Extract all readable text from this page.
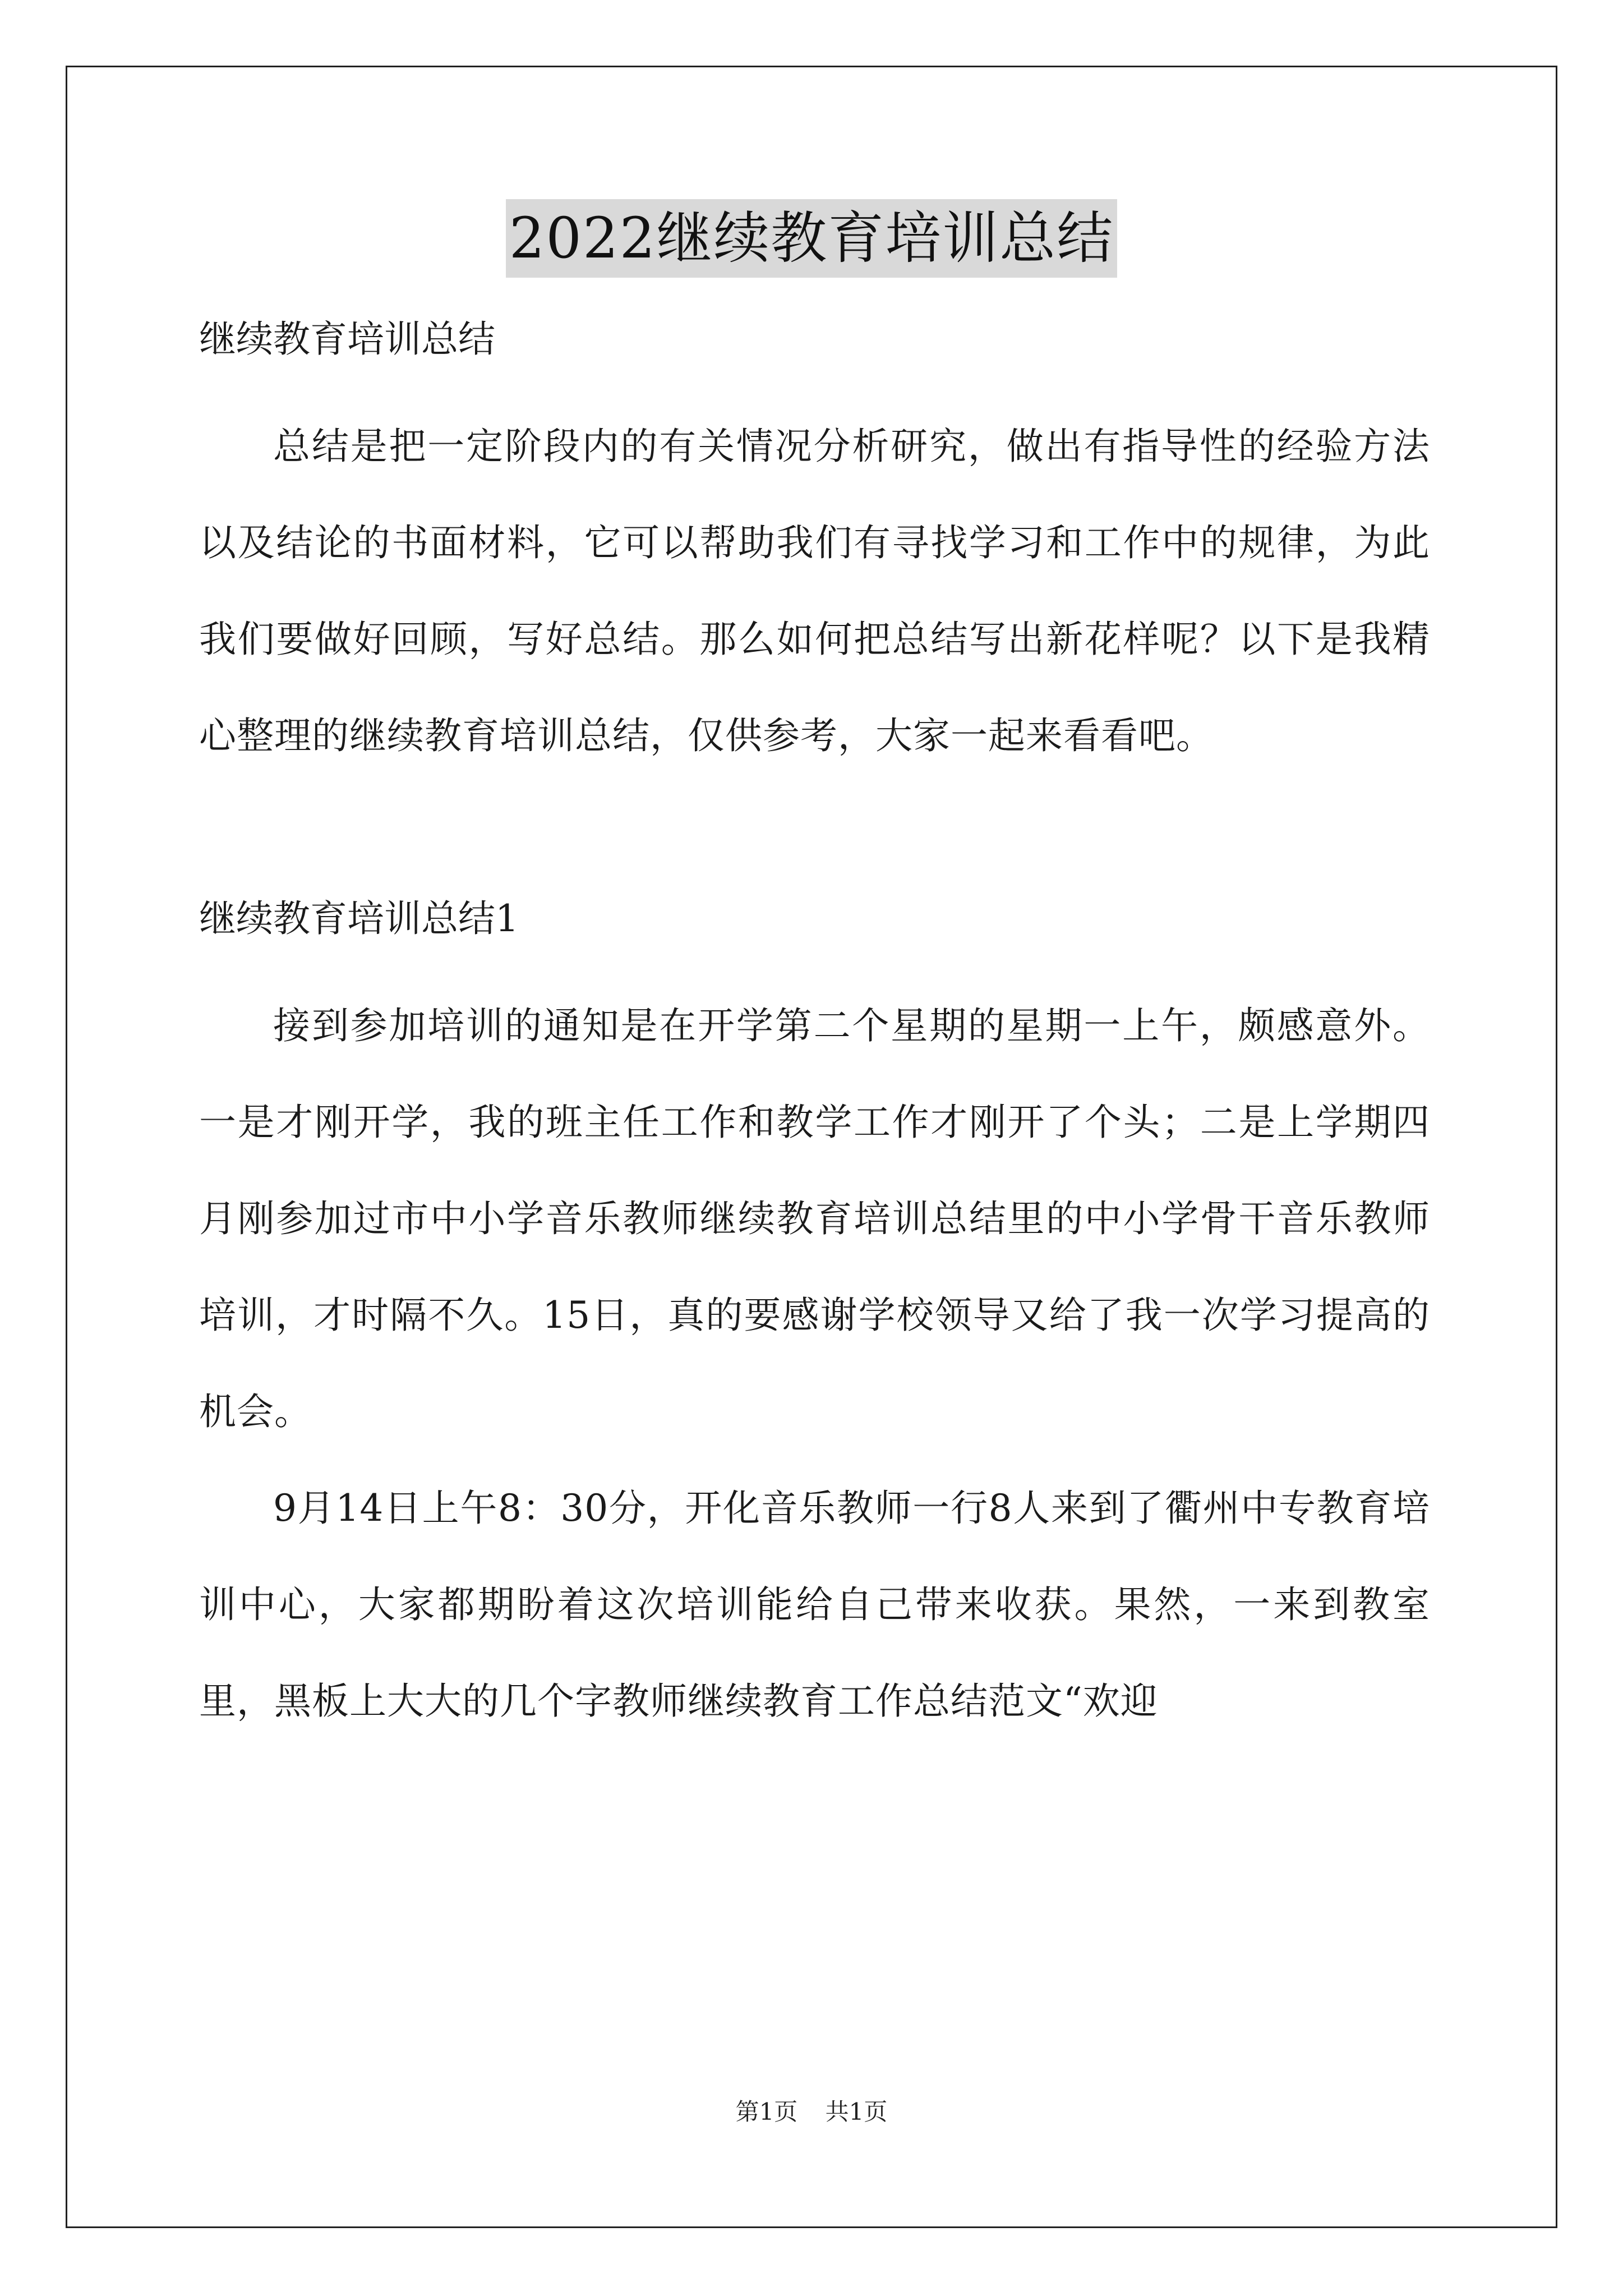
2022继续教育培训总结

继续教育培训总结

总结是把一定阶段内的有关情况分析研究，做出有指导性的经验方法以及结论的书面材料，它可以帮助我们有寻找学习和工作中的规律，为此我们要做好回顾，写好总结。那么如何把总结写出新花样呢？以下是我精心整理的继续教育培训总结，仅供参考，大家一起来看看吧。

继续教育培训总结1

接到参加培训的通知是在开学第二个星期的星期一上午，颇感意外。一是才刚开学，我的班主任工作和教学工作才刚开了个头；二是上学期四月刚参加过市中小学音乐教师继续教育培训总结里的中小学骨干音乐教师培训，才时隔不久。15日，真的要感谢学校领导又给了我一次学习提高的机会。

9月14日上午8：30分，开化音乐教师一行8人来到了衢州中专教育培训中心，大家都期盼着这次培训能给自己带来收获。果然，一来到教室里，黑板上大大的几个字教师继续教育工作总结范文“欢迎

第1页 共1页
